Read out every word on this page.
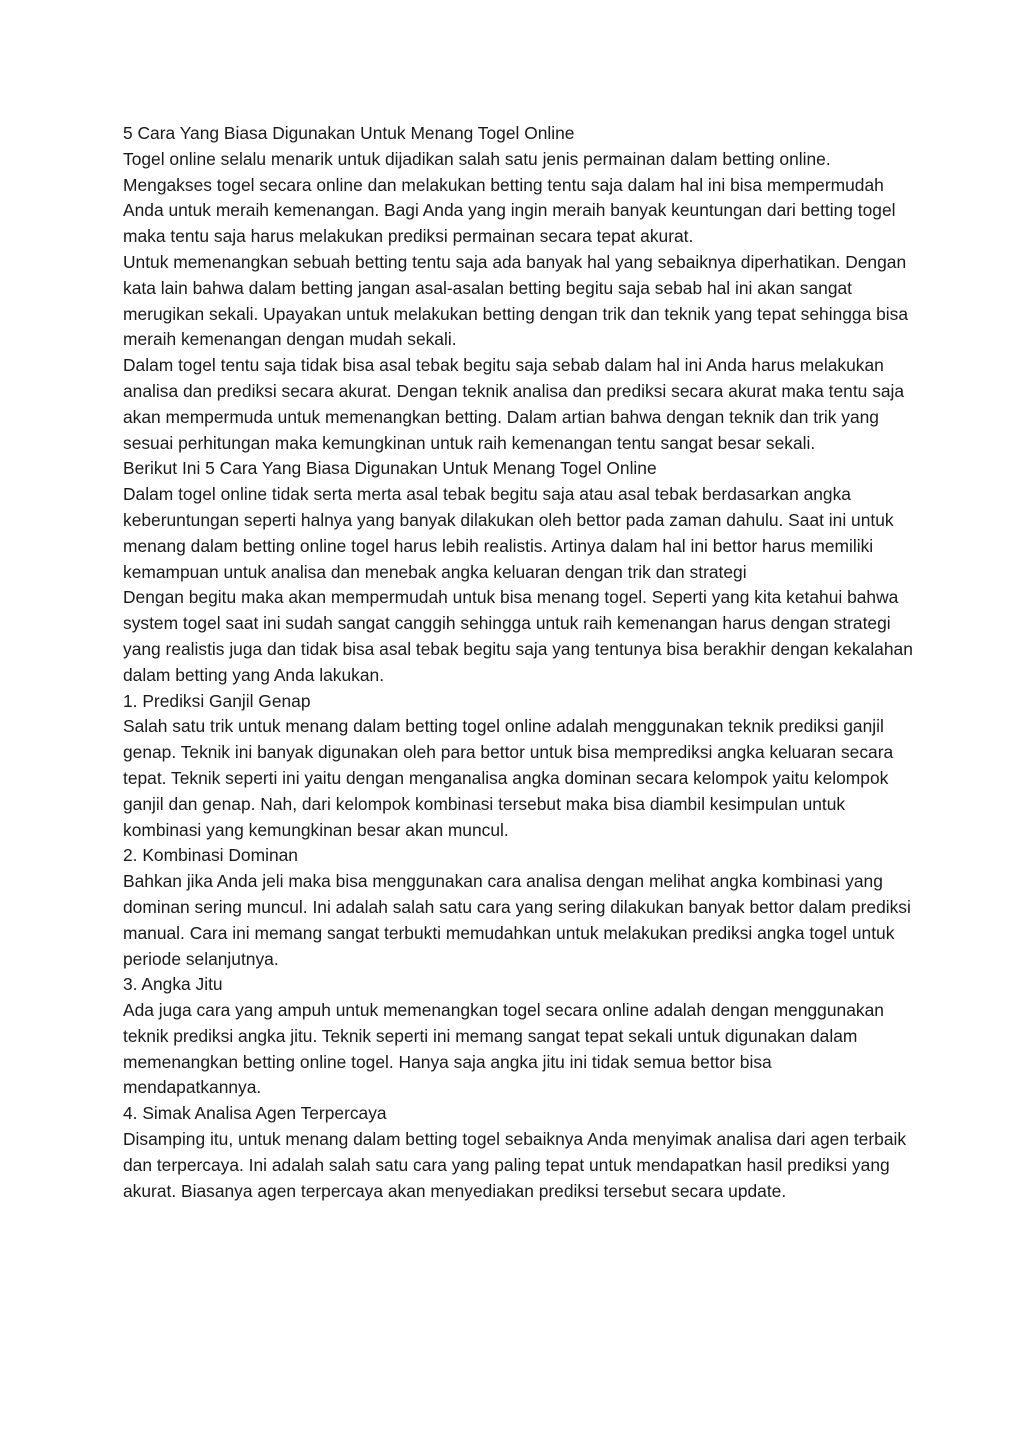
5 Cara Yang Biasa Digunakan Untuk Menang Togel Online

Togel online selalu menarik untuk dijadikan salah satu jenis permainan dalam betting online. Mengakses togel secara online dan melakukan betting tentu saja dalam hal ini bisa mempermudah Anda untuk meraih kemenangan. Bagi Anda yang ingin meraih banyak keuntungan dari betting togel maka tentu saja harus melakukan prediksi permainan secara tepat akurat.

Untuk memenangkan sebuah betting tentu saja ada banyak hal yang sebaiknya diperhatikan. Dengan kata lain bahwa dalam betting jangan asal-asalan betting begitu saja sebab hal ini akan sangat merugikan sekali. Upayakan untuk melakukan betting dengan trik dan teknik yang tepat sehingga bisa meraih kemenangan dengan mudah sekali.

Dalam togel tentu saja tidak bisa asal tebak begitu saja sebab dalam hal ini Anda harus melakukan analisa dan prediksi secara akurat. Dengan teknik analisa dan prediksi secara akurat maka tentu saja akan mempermuda untuk memenangkan betting. Dalam artian bahwa dengan teknik dan trik yang sesuai perhitungan maka kemungkinan untuk raih kemenangan tentu sangat besar sekali.

Berikut Ini 5 Cara Yang Biasa Digunakan Untuk Menang Togel Online

Dalam togel online tidak serta merta asal tebak begitu saja atau asal tebak berdasarkan angka keberuntungan seperti halnya yang banyak dilakukan oleh bettor pada zaman dahulu. Saat ini untuk menang dalam betting online togel harus lebih realistis. Artinya dalam hal ini bettor harus memiliki kemampuan untuk analisa dan menebak angka keluaran dengan trik dan strategi

Dengan begitu maka akan mempermudah untuk bisa menang togel. Seperti yang kita ketahui bahwa system togel saat ini sudah sangat canggih sehingga untuk raih kemenangan harus dengan strategi yang realistis juga dan tidak bisa asal tebak begitu saja yang tentunya bisa berakhir dengan kekalahan dalam betting yang Anda lakukan.

1. Prediksi Ganjil Genap

Salah satu trik untuk menang dalam betting togel online adalah menggunakan teknik prediksi ganjil genap. Teknik ini banyak digunakan oleh para bettor untuk bisa memprediksi angka keluaran secara tepat. Teknik seperti ini yaitu dengan menganalisa angka dominan secara kelompok yaitu kelompok ganjil dan genap. Nah, dari kelompok kombinasi tersebut maka bisa diambil kesimpulan untuk kombinasi yang kemungkinan besar akan muncul.

2. Kombinasi Dominan

Bahkan jika Anda jeli maka bisa menggunakan cara analisa dengan melihat angka kombinasi yang dominan sering muncul. Ini adalah salah satu cara yang sering dilakukan banyak bettor dalam prediksi manual. Cara ini memang sangat terbukti memudahkan untuk melakukan prediksi angka togel untuk periode selanjutnya.

3. Angka Jitu

Ada juga cara yang ampuh untuk memenangkan togel secara online adalah dengan menggunakan teknik prediksi angka jitu. Teknik seperti ini memang sangat tepat sekali untuk digunakan dalam memenangkan betting online togel. Hanya saja angka jitu ini tidak semua bettor bisa mendapatkannya.

4. Simak Analisa Agen Terpercaya

Disamping itu, untuk menang dalam betting togel sebaiknya Anda menyimak analisa dari agen terbaik dan terpercaya. Ini adalah salah satu cara yang paling tepat untuk mendapatkan hasil prediksi yang akurat. Biasanya agen terpercaya akan menyediakan prediksi tersebut secara update.
